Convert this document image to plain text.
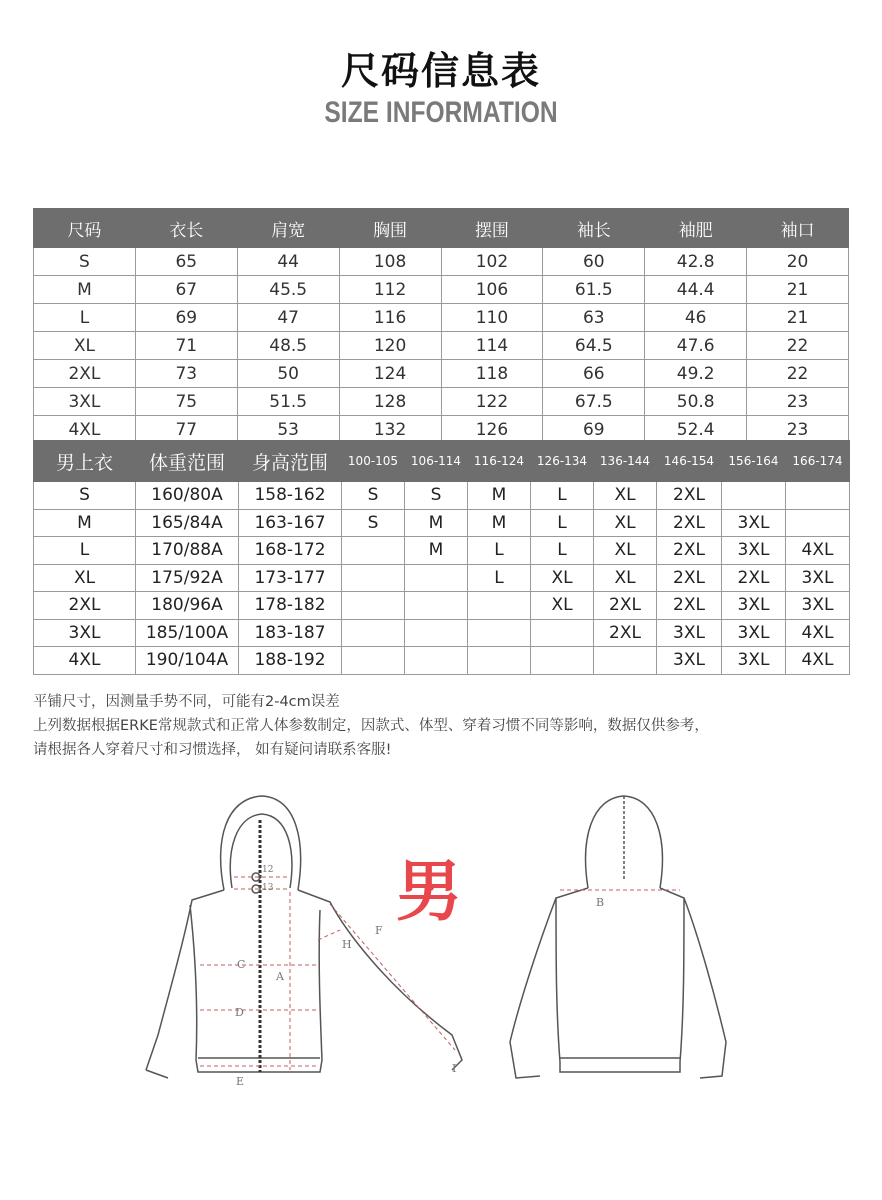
尺码信息表
SIZE INFORMATION
尺码	衣长	肩宽	胸围	摆围	袖长	袖肥	袖口
S	65	44	108	102	60	42.8	20
M	67	45.5	112	106	61.5	44.4	21
L	69	47	116	110	63	46	21
XL	71	48.5	120	114	64.5	47.6	22
2XL	73	50	124	118	66	49.2	22
3XL	75	51.5	128	122	67.5	50.8	23
4XL	77	53	132	126	69	52.4	23
男上衣	体重范围	身高范围	100-105	106-114	116-124	126-134	136-144	146-154	156-164	166-174
S	160/80A	158-162	S	S	M	L	XL	2XL		
M	165/84A	163-167	S	M	M	L	XL	2XL	3XL	
L	170/88A	168-172		M	L	L	XL	2XL	3XL	4XL
XL	175/92A	173-177			L	XL	XL	2XL	2XL	3XL
2XL	180/96A	178-182				XL	2XL	2XL	3XL	3XL
3XL	185/100A	183-187					2XL	3XL	3XL	4XL
4XL	190/104A	188-192						3XL	3XL	4XL
平铺尺寸，因测量手势不同，可能有2-4cm误差
上列数据根据ERKE常规款式和正常人体参数制定，因款式、体型、穿着习惯不同等影响，数据仅供参考，
请根据各人穿着尺寸和习惯选择， 如有疑问请联系客服!
男
A
C
D
E
F
H
I
12
13
B
